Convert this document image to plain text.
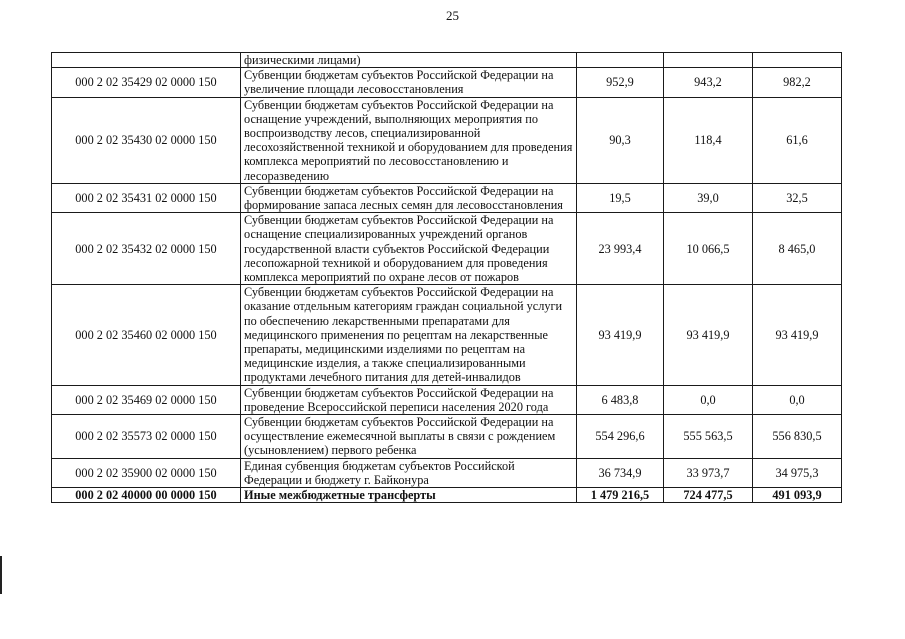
25
	физическими лицами)			
000 2 02 35429 02 0000 150	Субвенции бюджетам субъектов Российской Федерации на увеличение площади лесовосстановления	952,9	943,2	982,2
000 2 02 35430 02 0000 150	Субвенции бюджетам субъектов Российской Федерации на оснащение учреждений, выполняющих мероприятия по воспроизводству лесов, специализированной лесохозяйственной техникой и оборудованием для проведения комплекса мероприятий по лесовосстановлению и лесоразведению	90,3	118,4	61,6
000 2 02 35431 02 0000 150	Субвенции бюджетам субъектов Российской Федерации на формирование запаса лесных семян для лесовосстановления	19,5	39,0	32,5
000 2 02 35432 02 0000 150	Субвенции бюджетам субъектов Российской Федерации на оснащение специализированных учреждений органов государственной власти субъектов Российской Федерации лесопожарной техникой и оборудованием для проведения комплекса мероприятий по охране лесов от пожаров	23 993,4	10 066,5	8 465,0
000 2 02 35460 02 0000 150	Субвенции бюджетам субъектов Российской Федерации на оказание отдельным категориям граждан социальной услуги по обеспечению лекарственными препаратами для медицинского применения по рецептам на лекарственные препараты, медицинскими изделиями по рецептам на медицинские изделия, а также специализированными продуктами лечебного питания для детей-инвалидов	93 419,9	93 419,9	93 419,9
000 2 02 35469 02 0000 150	Субвенции бюджетам субъектов Российской Федерации на проведение Всероссийской переписи населения 2020 года	6 483,8	0,0	0,0
000 2 02 35573 02 0000 150	Субвенции бюджетам субъектов Российской Федерации на осуществление ежемесячной выплаты в связи с рождением (усыновлением) первого ребенка	554 296,6	555 563,5	556 830,5
000 2 02 35900 02 0000 150	Единая субвенция бюджетам субъектов Российской Федерации и бюджету г. Байконура	36 734,9	33 973,7	34 975,3
000 2 02 40000 00 0000 150	Иные межбюджетные трансферты	1 479 216,5	724 477,5	491 093,9
